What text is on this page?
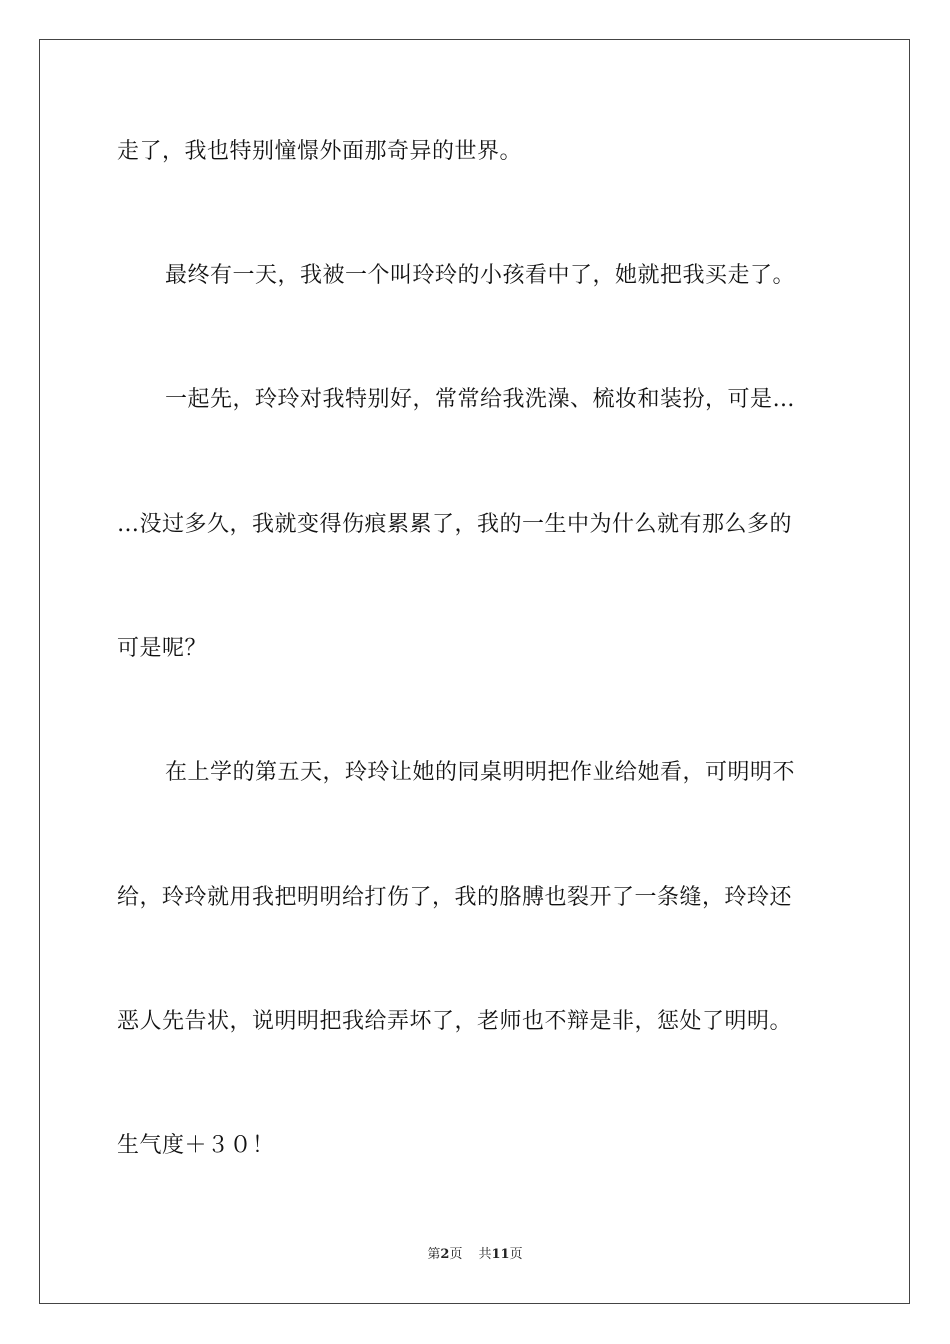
走了，我也特别憧憬外面那奇异的世界。
最终有一天，我被一个叫玲玲的小孩看中了，她就把我买走了。
一起先，玲玲对我特别好，常常给我洗澡、梳妆和装扮，可是…
…没过多久，我就变得伤痕累累了，我的一生中为什么就有那么多的
可是呢？
在上学的第五天，玲玲让她的同桌明明把作业给她看，可明明不
给，玲玲就用我把明明给打伤了，我的胳膊也裂开了一条缝，玲玲还
恶人先告状，说明明把我给弄坏了，老师也不辩是非，惩处了明明。
生气度＋３０！
第2页 共11页
